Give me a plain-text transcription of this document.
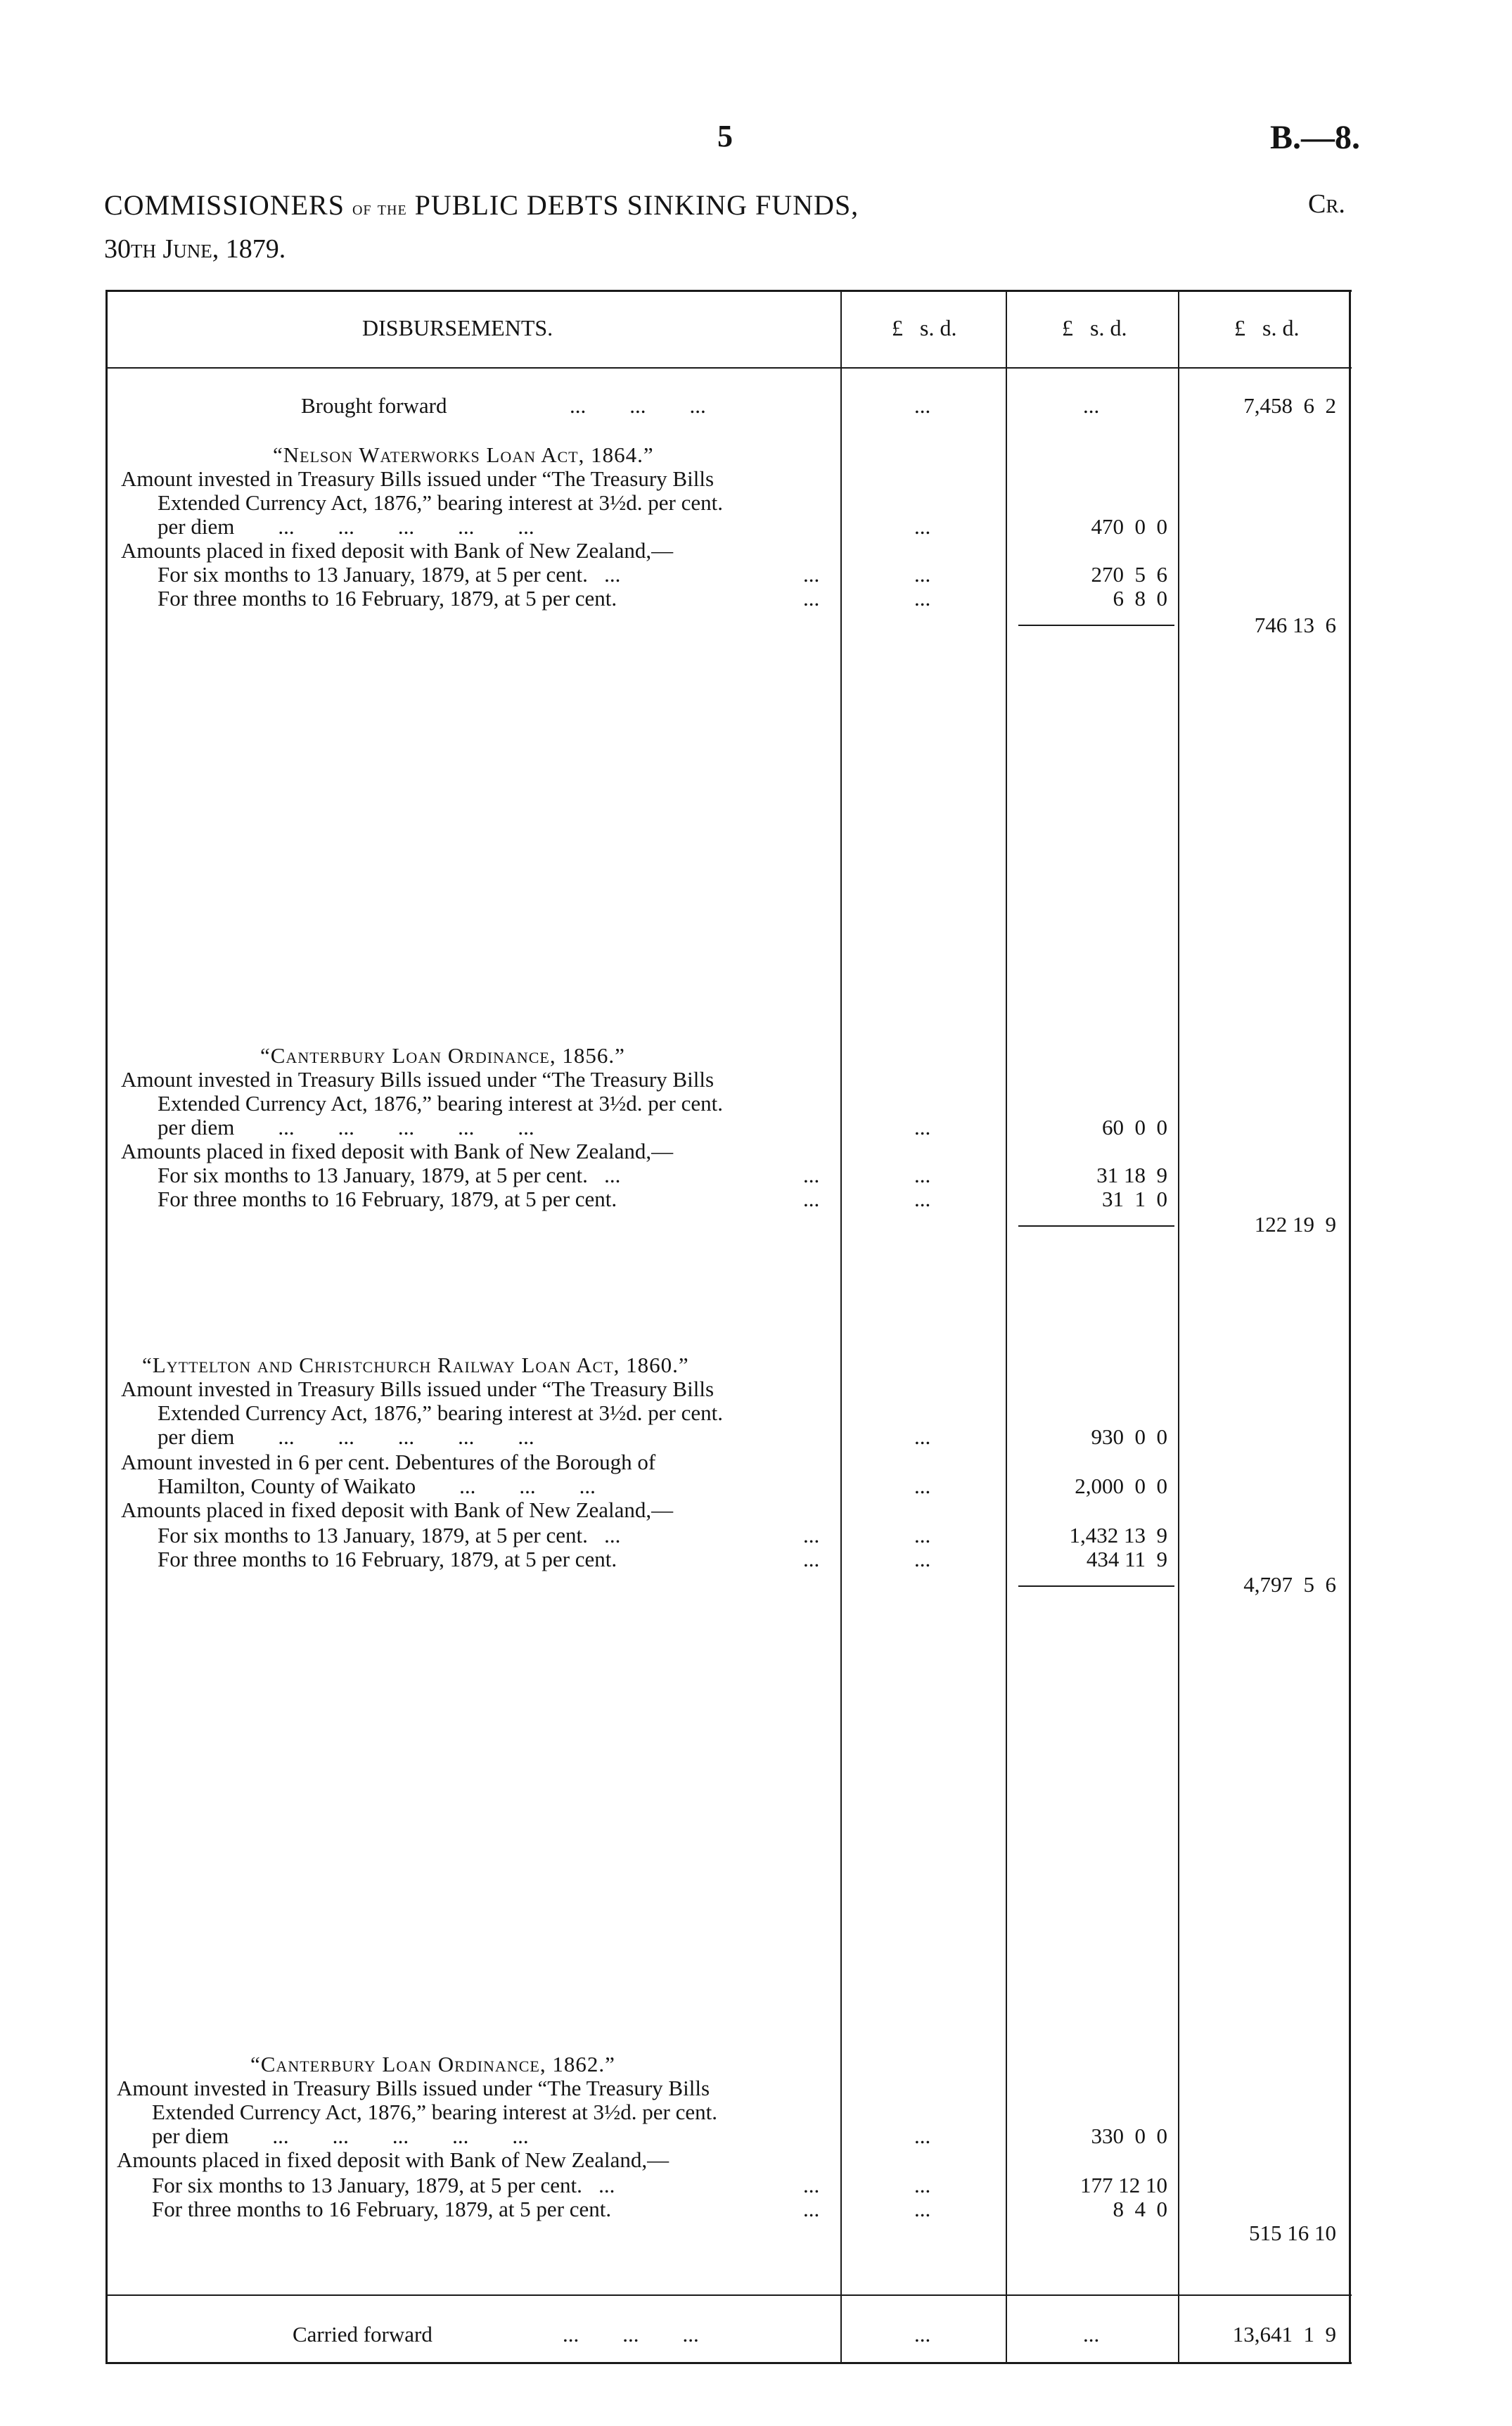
5	B.—8.
COMMISSIONERS of the PUBLIC DEBTS SINKING FUNDS,	Cr.
30th June, 1879.
DISBURSEMENTS.	£   s. d.	£   s. d.	£   s. d.
Brought forward	...        ...        ...	...	...	7,458  6  2
“Nelson Waterworks Loan Act, 1864.”
Amount invested in Treasury Bills issued under “The Treasury Bills
Extended Currency Act, 1876,” bearing interest at 3½d. per cent.
per diem        ...        ...        ...        ...        ...	...	470  0  0
Amounts placed in fixed deposit with Bank of New Zealand,—
For six months to 13 January, 1879, at 5 per cent.   ...	...	...	270  5  6
For three months to 16 February, 1879, at 5 per cent.	...	...	6  8  0
746 13  6
“Canterbury Loan Ordinance, 1856.”
Amount invested in Treasury Bills issued under “The Treasury Bills
Extended Currency Act, 1876,” bearing interest at 3½d. per cent.
per diem        ...        ...        ...        ...        ...	...	60  0  0
Amounts placed in fixed deposit with Bank of New Zealand,—
For six months to 13 January, 1879, at 5 per cent.   ...	...	...	31 18  9
For three months to 16 February, 1879, at 5 per cent.	...	...	31  1  0
122 19  9
“Lyttelton and Christchurch Railway Loan Act, 1860.”
Amount invested in Treasury Bills issued under “The Treasury Bills
Extended Currency Act, 1876,” bearing interest at 3½d. per cent.
per diem        ...        ...        ...        ...        ...	...	930  0  0
Amount invested in 6 per cent. Debentures of the Borough of
Hamilton, County of Waikato        ...        ...        ...	...	2,000  0  0
Amounts placed in fixed deposit with Bank of New Zealand,—
For six months to 13 January, 1879, at 5 per cent.   ...	...	...	1,432 13  9
For three months to 16 February, 1879, at 5 per cent.	...	...	434 11  9
4,797  5  6
“Canterbury Loan Ordinance, 1862.”
Amount invested in Treasury Bills issued under “The Treasury Bills
Extended Currency Act, 1876,” bearing interest at 3½d. per cent.
per diem        ...        ...        ...        ...        ...	...	330  0  0
Amounts placed in fixed deposit with Bank of New Zealand,—
For six months to 13 January, 1879, at 5 per cent.   ...	...	...	177 12 10
For three months to 16 February, 1879, at 5 per cent.	...	...	8  4  0
515 16 10
Carried forward	...        ...        ...	...	...	13,641  1  9
